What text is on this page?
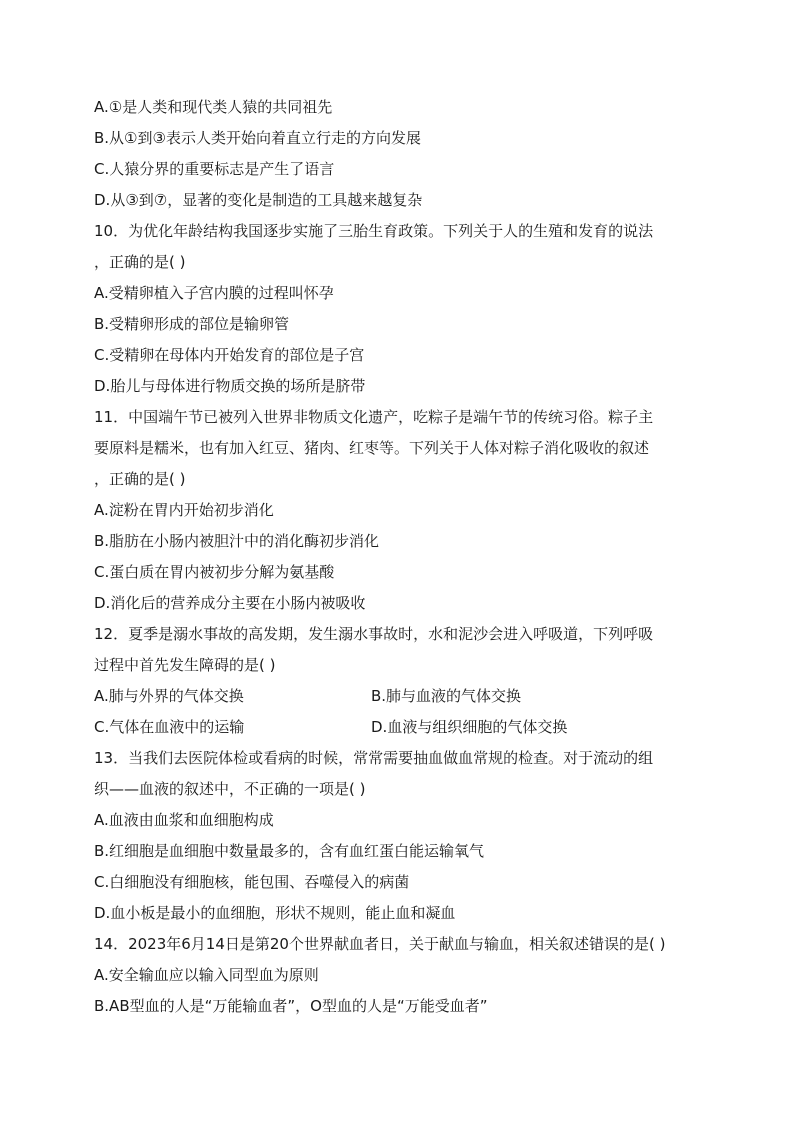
A.①是人类和现代类人猿的共同祖先
B.从①到③表示人类开始向着直立行走的方向发展
C.人猿分界的重要标志是产生了语言
D.从③到⑦，显著的变化是制造的工具越来越复杂
10．为优化年龄结构我国逐步实施了三胎生育政策。下列关于人的生殖和发育的说法
，正确的是( )
A.受精卵植入子宫内膜的过程叫怀孕
B.受精卵形成的部位是输卵管
C.受精卵在母体内开始发育的部位是子宫
D.胎儿与母体进行物质交换的场所是脐带
11．中国端午节已被列入世界非物质文化遗产，吃粽子是端午节的传统习俗。粽子主
要原料是糯米，也有加入红豆、猪肉、红枣等。下列关于人体对粽子消化吸收的叙述
，正确的是( )
A.淀粉在胃内开始初步消化
B.脂肪在小肠内被胆汁中的消化酶初步消化
C.蛋白质在胃内被初步分解为氨基酸
D.消化后的营养成分主要在小肠内被吸收
12．夏季是溺水事故的高发期，发生溺水事故时，水和泥沙会进入呼吸道，下列呼吸
过程中首先发生障碍的是( )
A.肺与外界的气体交换	B.肺与血液的气体交换
C.气体在血液中的运输	D.血液与组织细胞的气体交换
13．当我们去医院体检或看病的时候，常常需要抽血做血常规的检查。对于流动的组
织——血液的叙述中，不正确的一项是( )
A.血液由血浆和血细胞构成
B.红细胞是血细胞中数量最多的，含有血红蛋白能运输氧气
C.白细胞没有细胞核，能包围、吞噬侵入的病菌
D.血小板是最小的血细胞，形状不规则，能止血和凝血
14．2023年6月14日是第20个世界献血者日，关于献血与输血，相关叙述错误的是( )
A.安全输血应以输入同型血为原则
B.AB型血的人是“万能输血者”，O型血的人是“万能受血者”
